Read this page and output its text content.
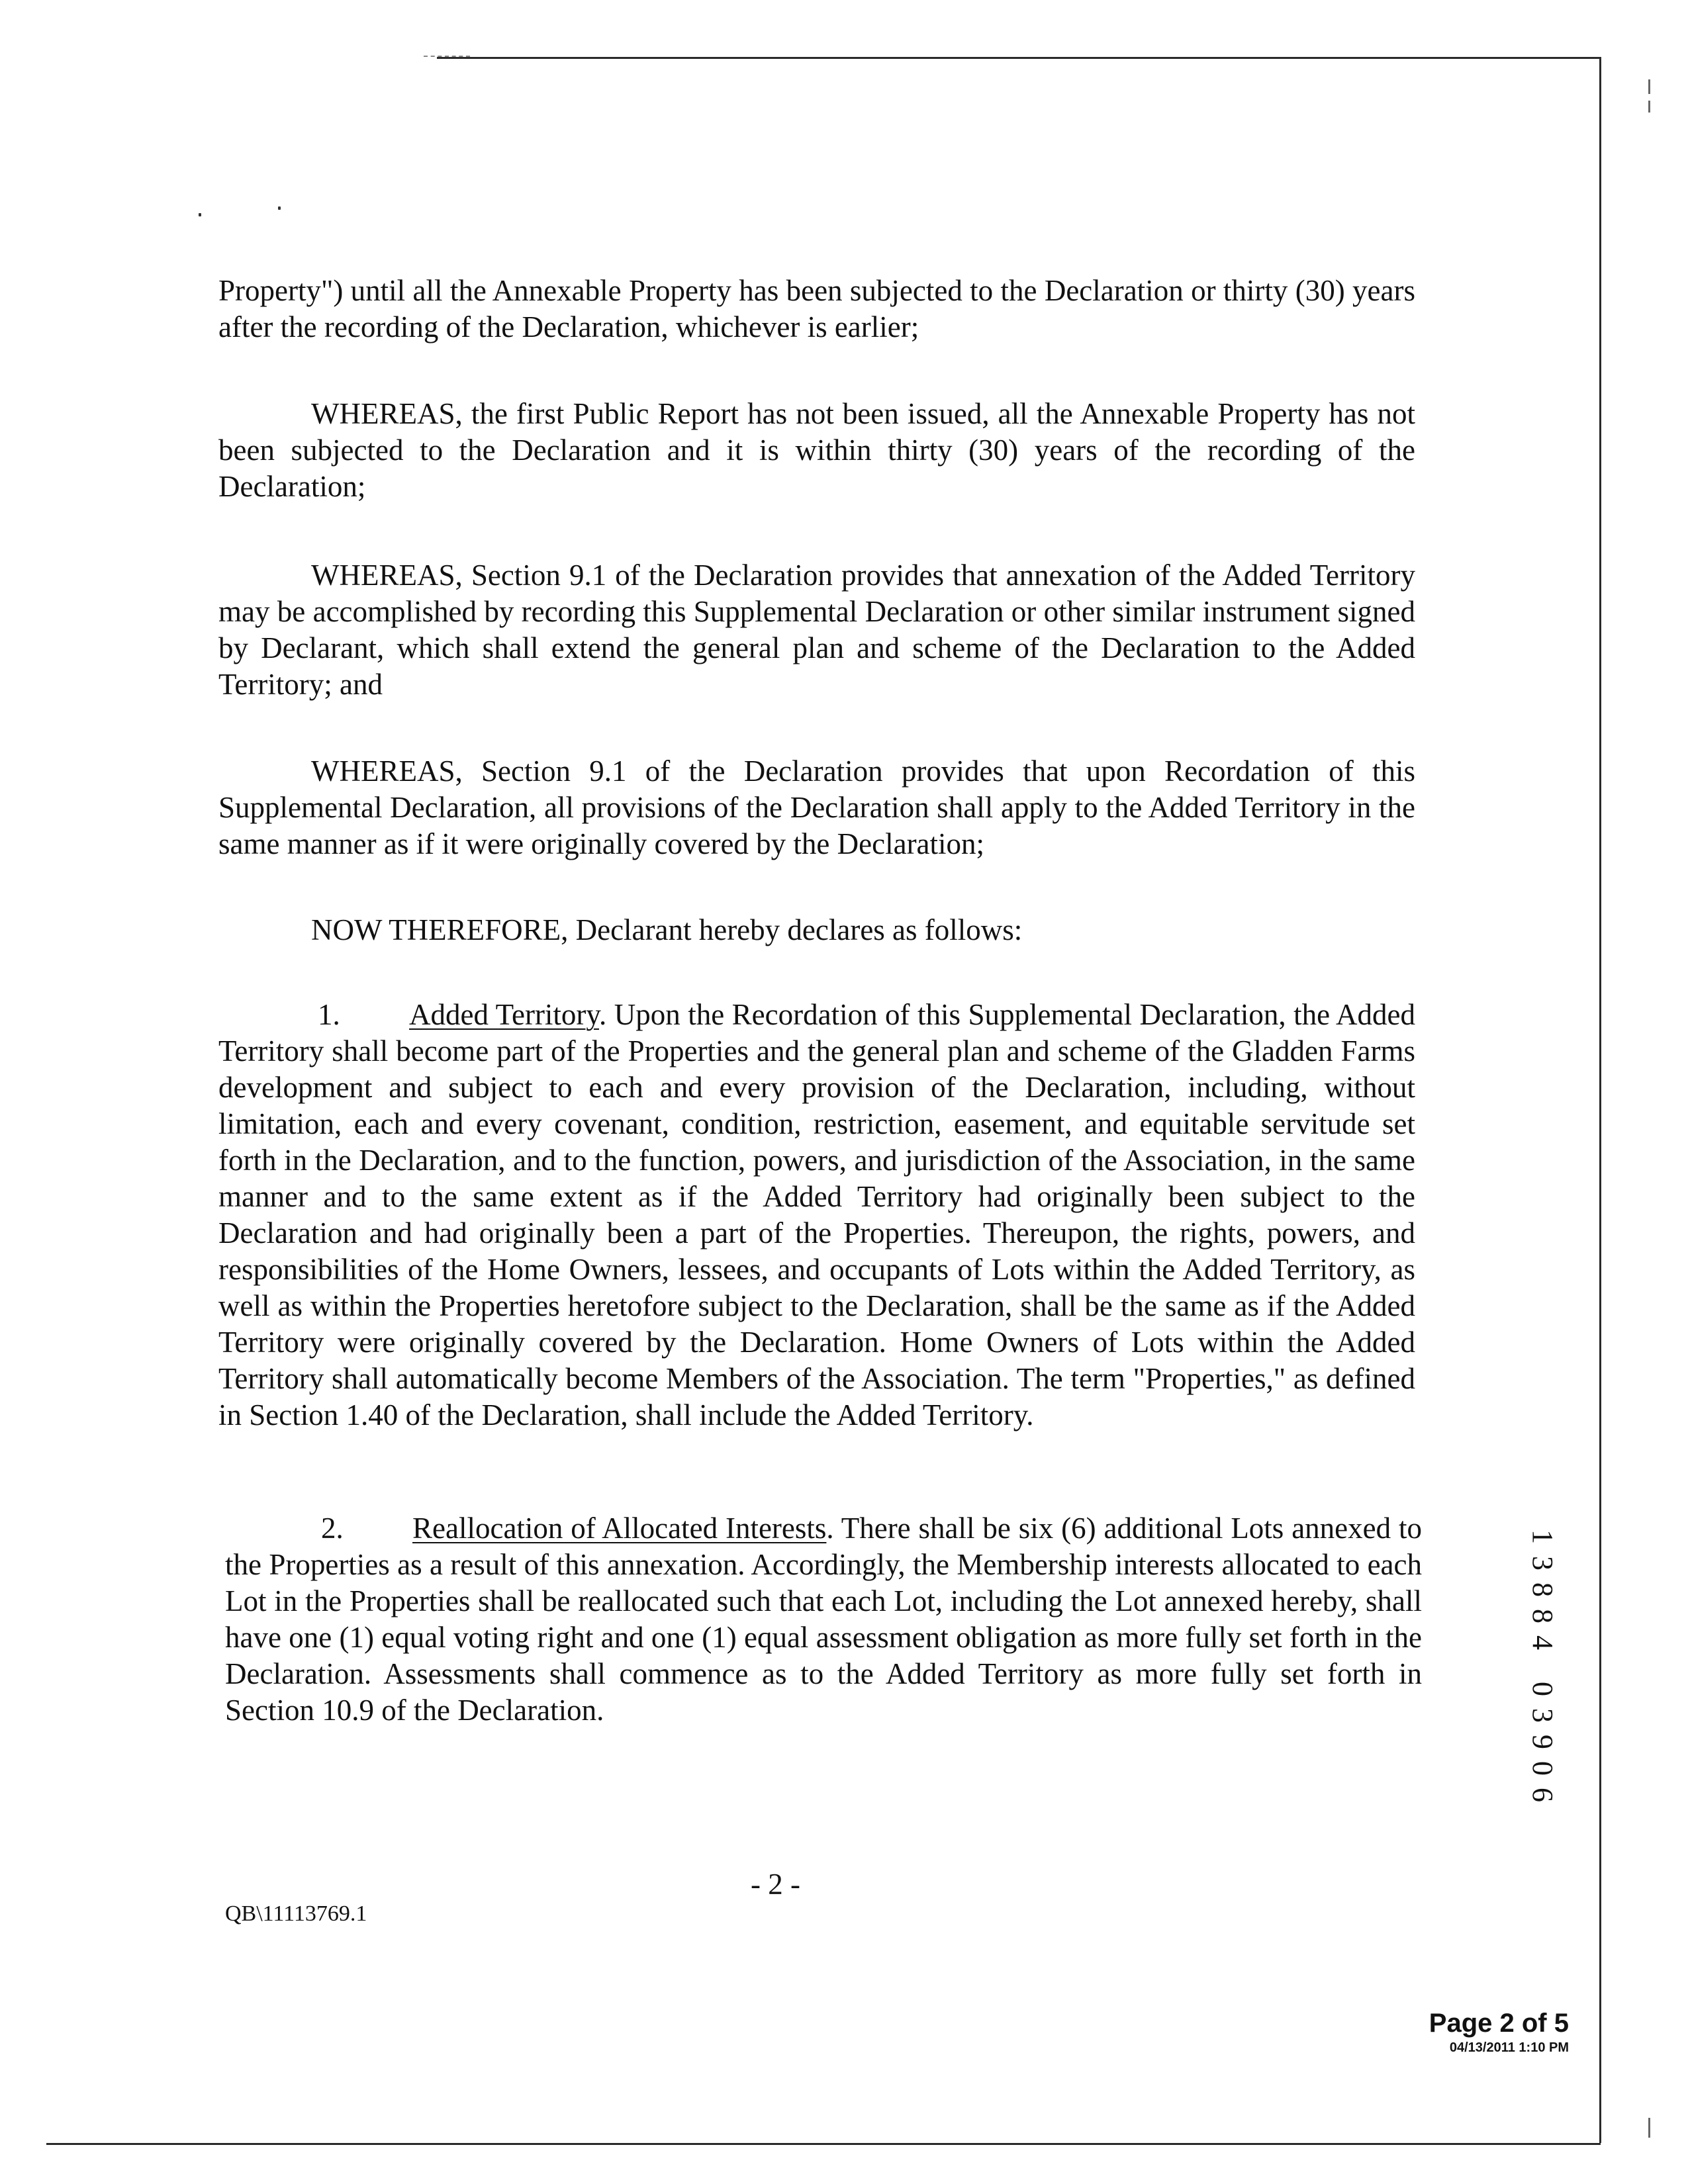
Property") until all the Annexable Property has been subjected to the Declaration or thirty (30) years after the recording of the Declaration, whichever is earlier;

WHEREAS, the first Public Report has not been issued, all the Annexable Property has not been subjected to the Declaration and it is within thirty (30) years of the recording of the Declaration;

WHEREAS, Section 9.1 of the Declaration provides that annexation of the Added Territory may be accomplished by recording this Supplemental Declaration or other similar instrument signed by Declarant, which shall extend the general plan and scheme of the Declaration to the Added Territory; and

WHEREAS, Section 9.1 of the Declaration provides that upon Recordation of this Supplemental Declaration, all provisions of the Declaration shall apply to the Added Territory in the same manner as if it were originally covered by the Declaration;

NOW THEREFORE, Declarant hereby declares as follows:

1. Added Territory. Upon the Recordation of this Supplemental Declaration, the Added Territory shall become part of the Properties and the general plan and scheme of the Gladden Farms development and subject to each and every provision of the Declaration, including, without limitation, each and every covenant, condition, restriction, easement, and equitable servitude set forth in the Declaration, and to the function, powers, and jurisdiction of the Association, in the same manner and to the same extent as if the Added Territory had originally been subject to the Declaration and had originally been a part of the Properties. Thereupon, the rights, powers, and responsibilities of the Home Owners, lessees, and occupants of Lots within the Added Territory, as well as within the Properties heretofore subject to the Declaration, shall be the same as if the Added Territory were originally covered by the Declaration. Home Owners of Lots within the Added Territory shall automatically become Members of the Association. The term "Properties," as defined in Section 1.40 of the Declaration, shall include the Added Territory.

2. Reallocation of Allocated Interests. There shall be six (6) additional Lots annexed to the Properties as a result of this annexation. Accordingly, the Membership interests allocated to each Lot in the Properties shall be reallocated such that each Lot, including the Lot annexed hereby, shall have one (1) equal voting right and one (1) equal assessment obligation as more fully set forth in the Declaration. Assessments shall commence as to the Added Territory as more fully set forth in Section 10.9 of the Declaration.

1
3
8
8
4
0
3
9
0
6
- 2 -
QB\11113769.1
Page 2 of 5
04/13/2011 1:10 PM
